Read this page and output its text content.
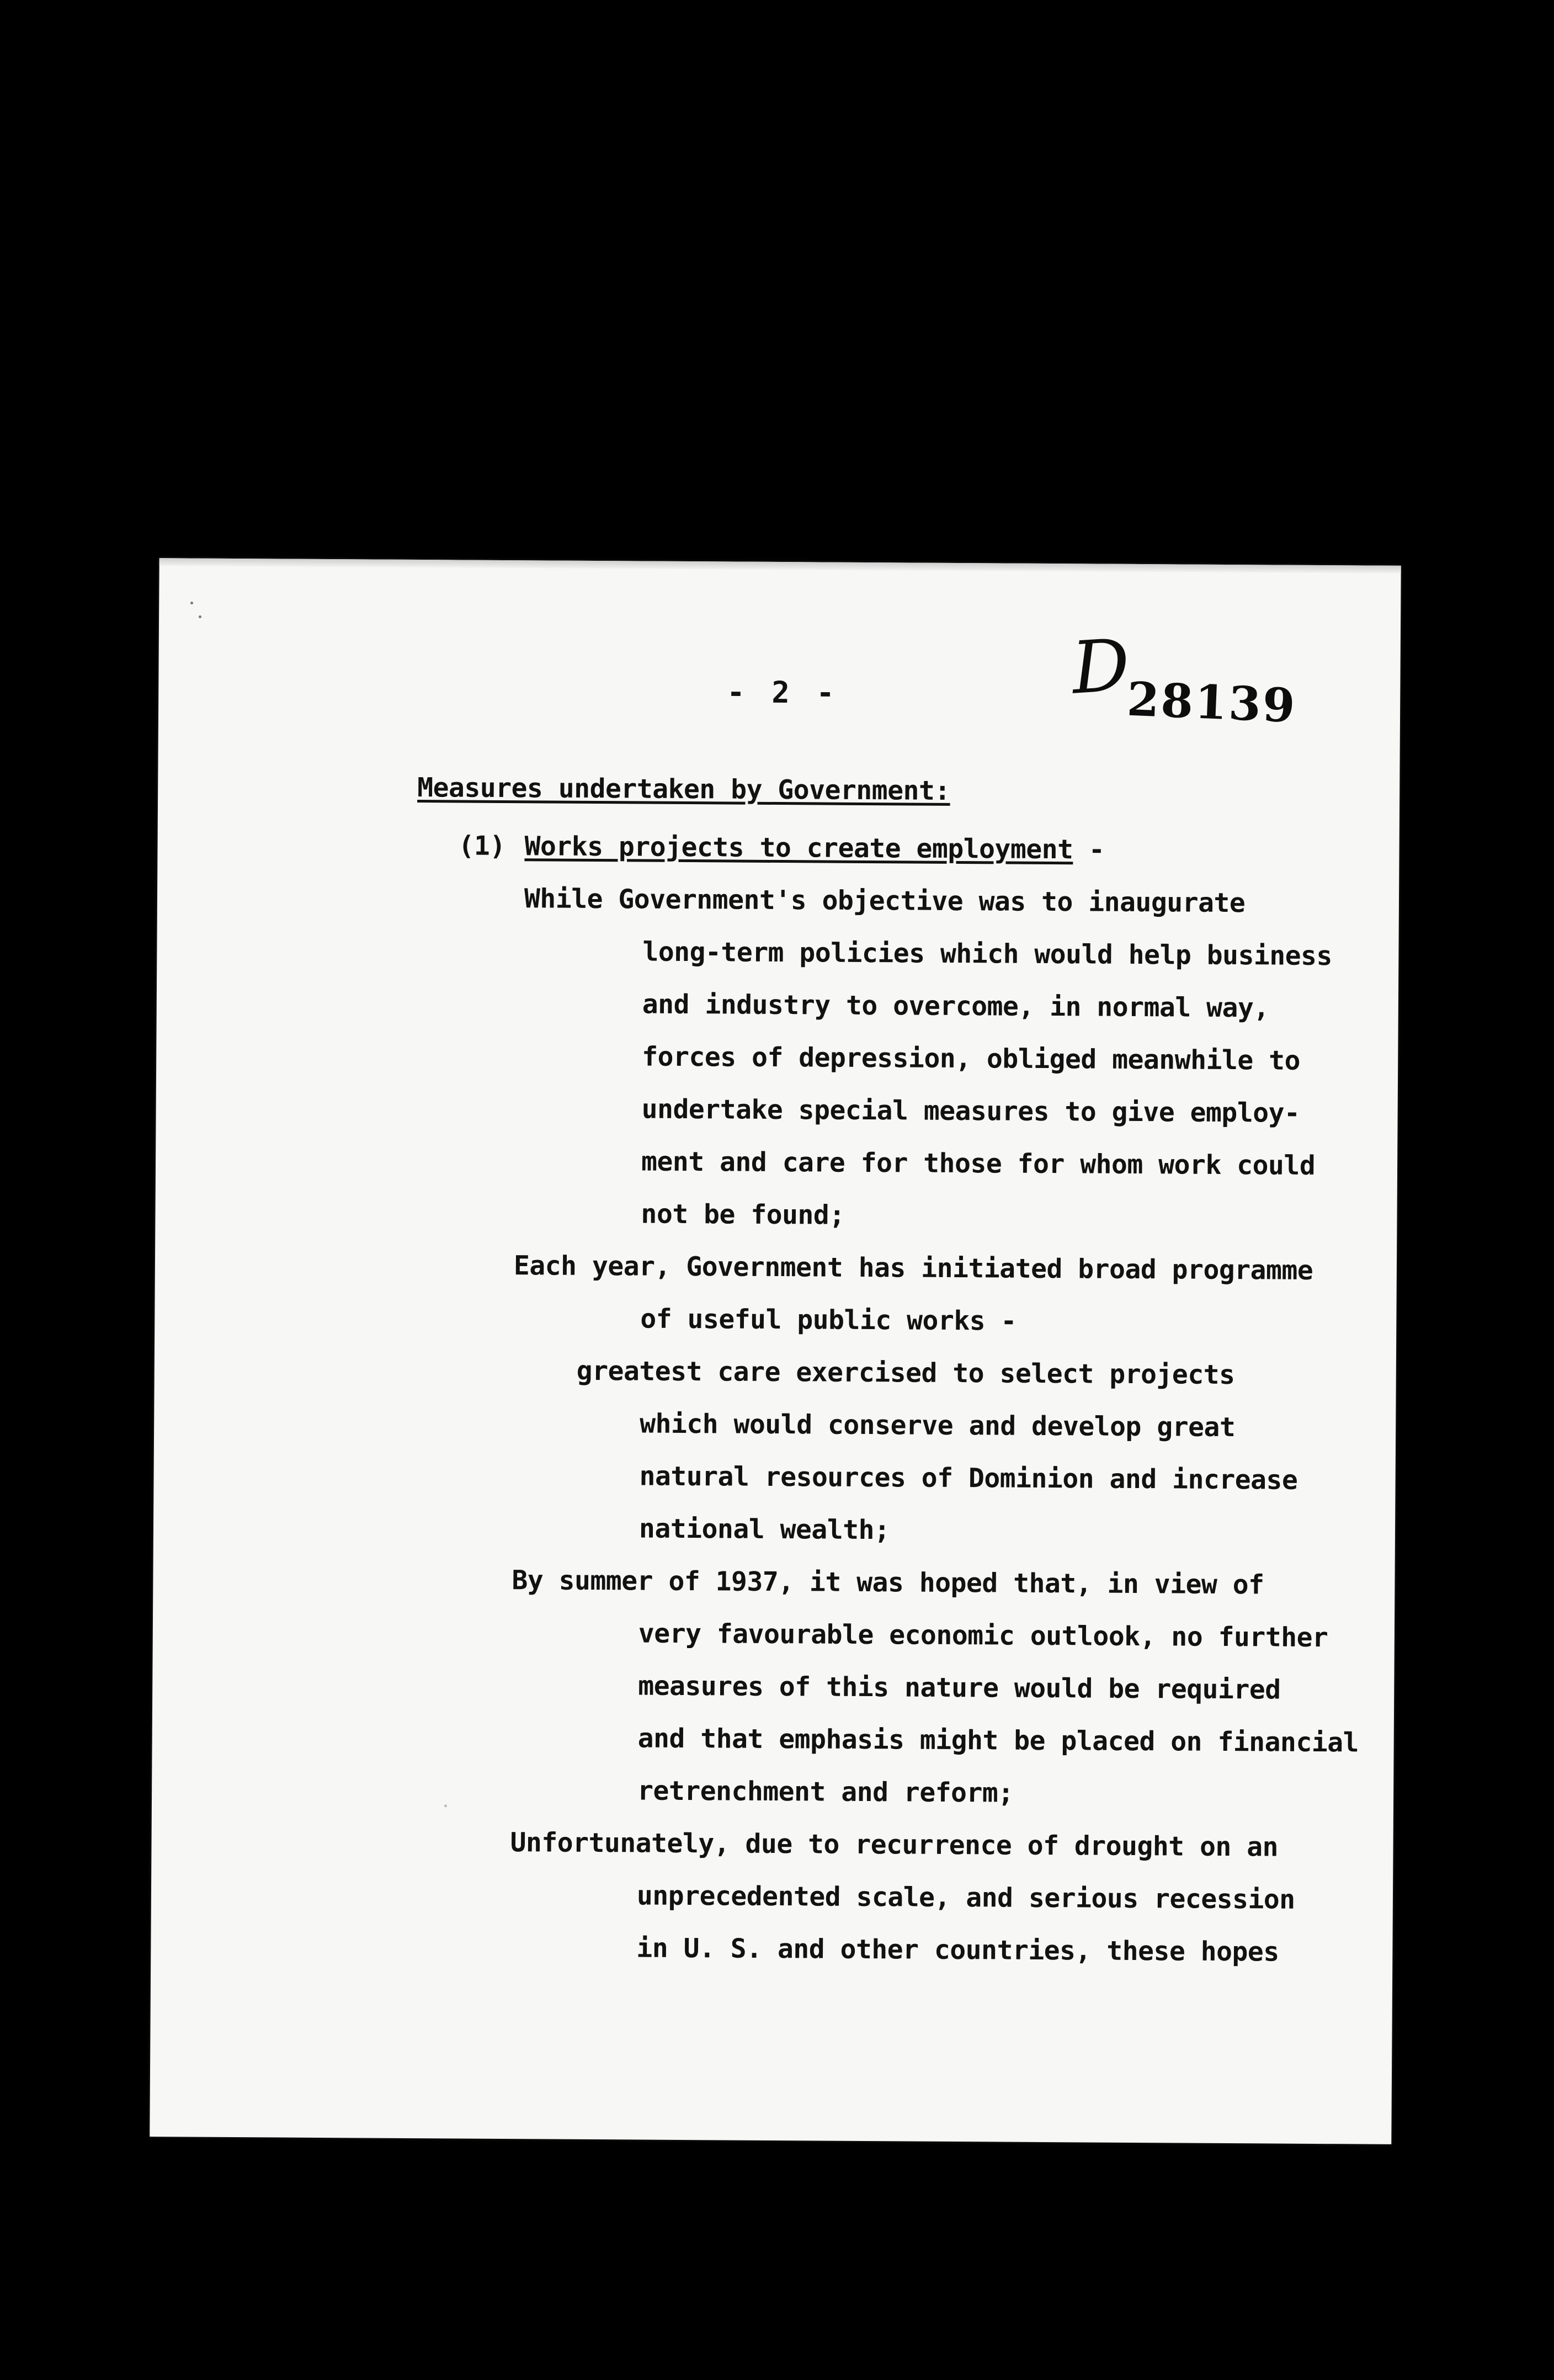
- 2 -	D
28139
Measures undertaken by Government:
(1) Works projects to create employment -
While Government's objective was to inaugurate
long-term policies which would help business
and industry to overcome, in normal way,
forces of depression, obliged meanwhile to
undertake special measures to give employ-
ment and care for those for whom work could
not be found;
Each year, Government has initiated broad programme
of useful public works -
greatest care exercised to select projects
which would conserve and develop great
natural resources of Dominion and increase
national wealth;
By summer of 1937, it was hoped that, in view of
very favourable economic outlook, no further
measures of this nature would be required
and that emphasis might be placed on financial
retrenchment and reform;
Unfortunately, due to recurrence of drought on an
unprecedented scale, and serious recession
in U. S. and other countries, these hopes
